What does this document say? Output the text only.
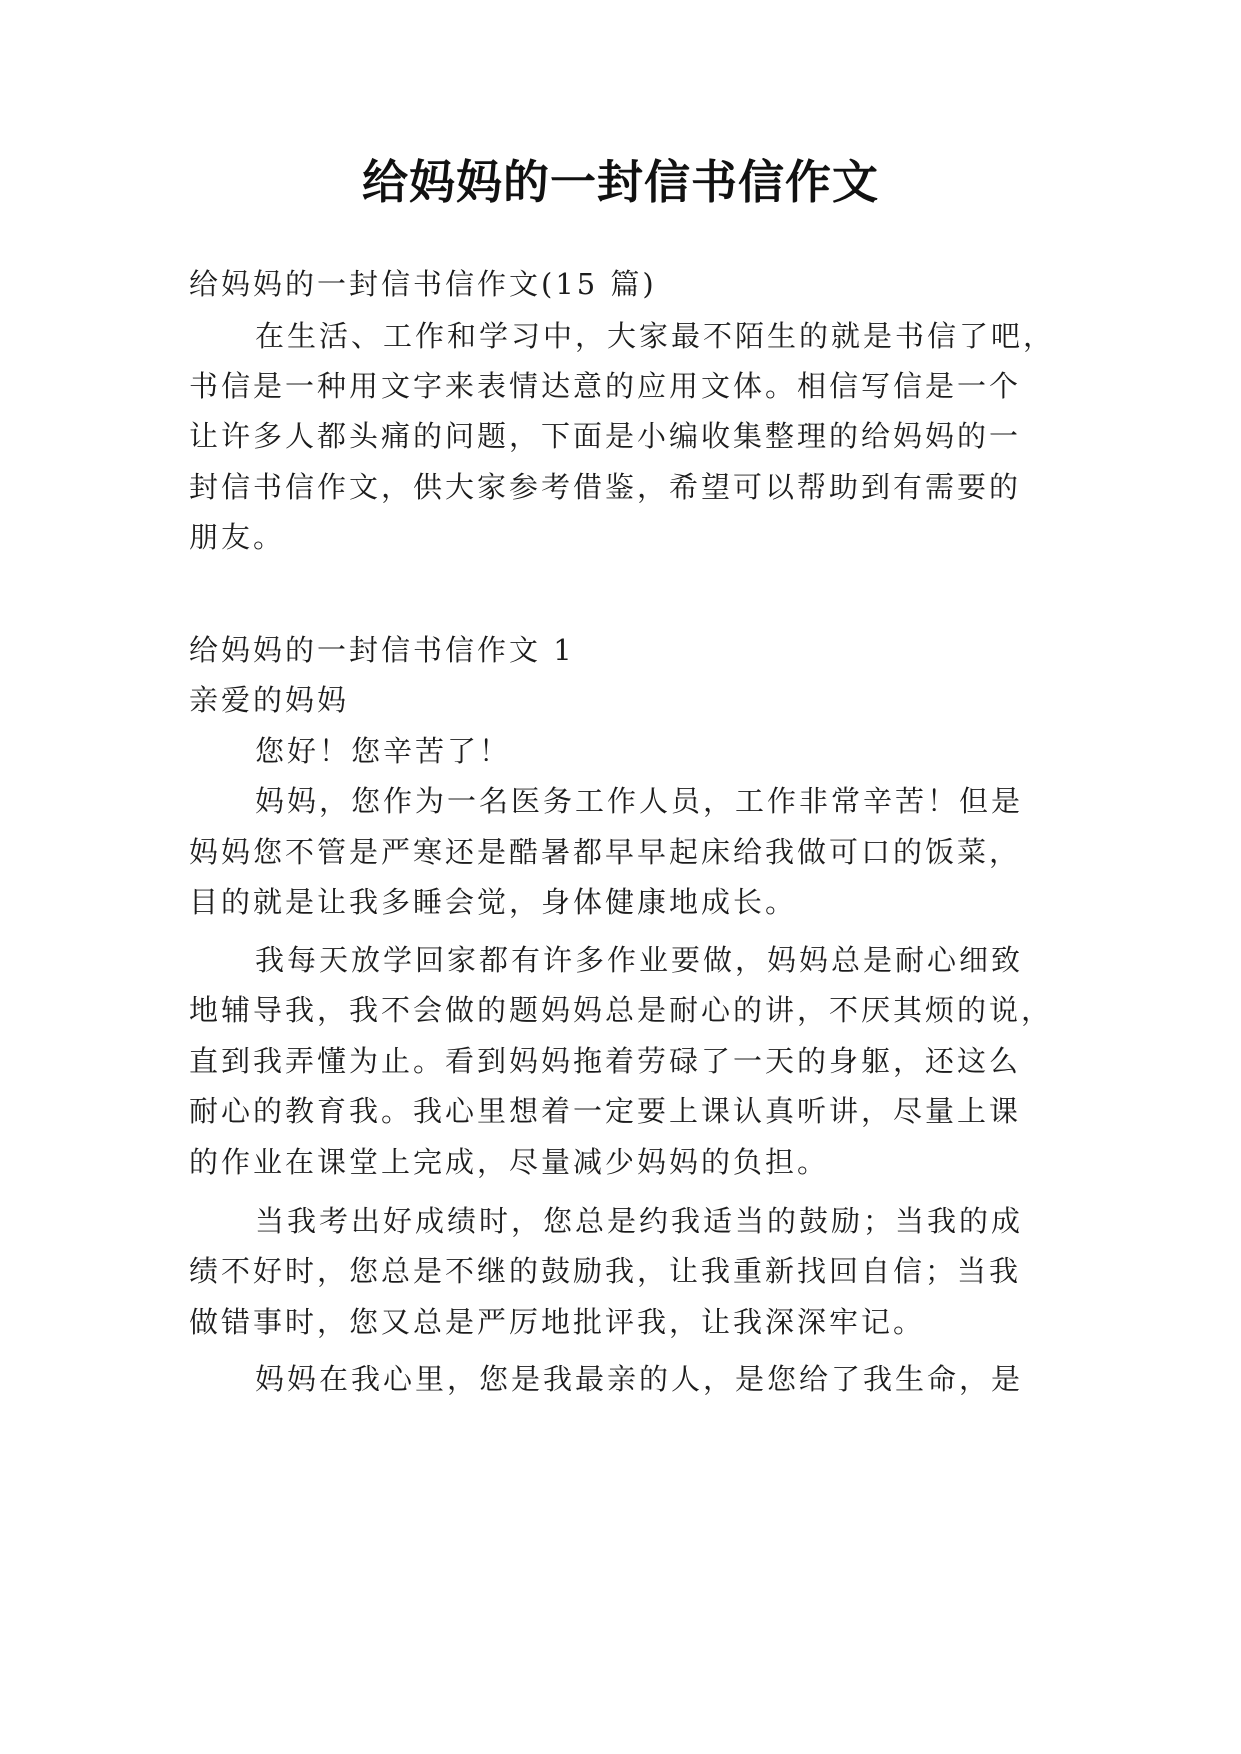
给妈妈的一封信书信作文
给妈妈的一封信书信作文(15 篇)
在生活、工作和学习中，大家最不陌生的就是书信了吧，
书信是一种用文字来表情达意的应用文体。相信写信是一个
让许多人都头痛的问题，下面是小编收集整理的给妈妈的一
封信书信作文，供大家参考借鉴，希望可以帮助到有需要的
朋友。
给妈妈的一封信书信作文 1
亲爱的妈妈
您好！您辛苦了！
妈妈，您作为一名医务工作人员，工作非常辛苦！但是
妈妈您不管是严寒还是酷暑都早早起床给我做可口的饭菜，
目的就是让我多睡会觉，身体健康地成长。
我每天放学回家都有许多作业要做，妈妈总是耐心细致
地辅导我，我不会做的题妈妈总是耐心的讲，不厌其烦的说，
直到我弄懂为止。看到妈妈拖着劳碌了一天的身躯，还这么
耐心的教育我。我心里想着一定要上课认真听讲，尽量上课
的作业在课堂上完成，尽量减少妈妈的负担。
当我考出好成绩时，您总是约我适当的鼓励；当我的成
绩不好时，您总是不继的鼓励我，让我重新找回自信；当我
做错事时，您又总是严厉地批评我，让我深深牢记。
妈妈在我心里，您是我最亲的人，是您给了我生命，是
